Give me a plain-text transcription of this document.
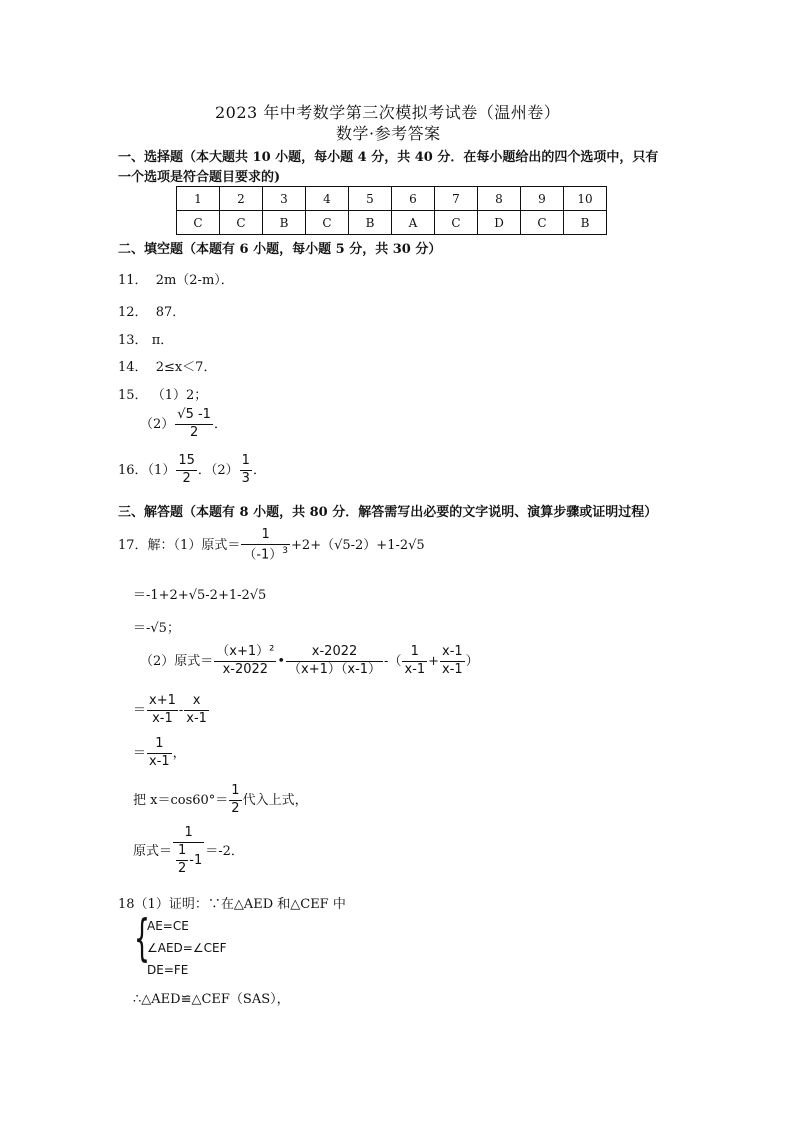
2023 年中考数学第三次模拟考试卷（温州卷）
数学·参考答案
一、选择题（本大题共 10 小题，每小题 4 分，共 40 分．在每小题给出的四个选项中，只有
一个选项是符合题目要求的)
1	2	3	4	5	6	7	8	9	10
C	C	B	C	B	A	C	D	C	B
二、填空题（本题有 6 小题，每小题 5 分，共 30 分）
11． 2m（2-m）．
12． 87．
13． π．
14． 2≤x＜7．
15． （1）2；
$(2) \frac{√5 -1}{2}$ ．
16．$(1) \frac{15}{2}$ ．$(2) \frac{1}{3}$ ．
三、解答题（本题有 8 小题，共 80 分．解答需写出必要的文字说明、演算步骤或证明过程）
17．解：（1）原式＝ $\frac{1}{(-1)^3} +2+(√5-2)+1-2√5$
＝-1+2+√5-2+1-2√5
＝-√5；
（2）原式＝ $\frac{\text{（x+1）²}}{x-2022}$ • $\frac{x-2022}{(x+1)(x-1)}$ -（ $\frac{1}{x-1} + \frac{x-1}{x-1}$ ）
＝ $\frac{x+1}{x-1} - \frac{x}{x-1}$
＝ $\frac{1}{x-1}$ ，
把 $x=\cos 60^\circ= \frac{1}{2}$ 代入上式，
原式＝ $\frac{1}{\frac{1}{2} -1} =-2$．
18（1）证明：∵在△AED 和△CEF 中
{
AE=CE
∠AED=∠CEF
DE=FE
∴△AED≌△CEF（SAS），
